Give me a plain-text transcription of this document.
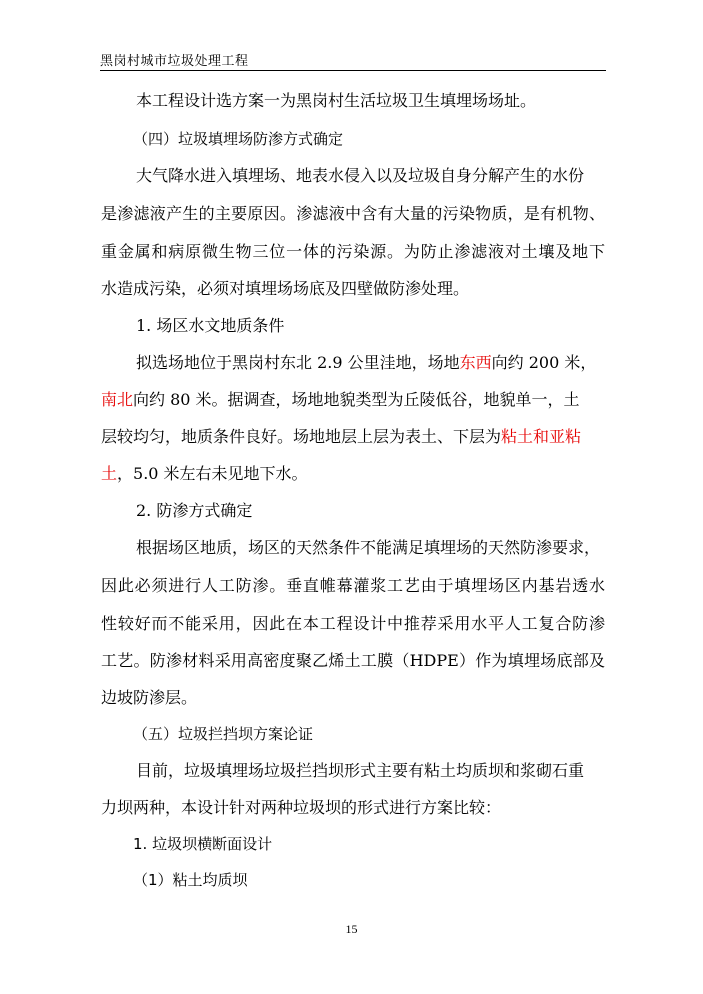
黑岗村城市垃圾处理工程
本工程设计选方案一为黑岗村生活垃圾卫生填埋场场址。
（四）垃圾填埋场防渗方式确定
大气降水进入填埋场、地表水侵入以及垃圾自身分解产生的水份
是渗滤液产生的主要原因。渗滤液中含有大量的污染物质，是有机物、
重金属和病原微生物三位一体的污染源。为防止渗滤液对土壤及地下
水造成污染，必须对填埋场场底及四壁做防渗处理。
1. 场区水文地质条件
拟选场地位于黑岗村东北 2.9 公里洼地，场地东西向约 200 米，
南北向约 80 米。据调查，场地地貌类型为丘陵低谷，地貌单一，土
层较均匀，地质条件良好。场地地层上层为表土、下层为粘土和亚粘
土，5.0 米左右未见地下水。
2. 防渗方式确定
根据场区地质，场区的天然条件不能满足填埋场的天然防渗要求，
因此必须进行人工防渗。垂直帷幕灌浆工艺由于填埋场区内基岩透水
性较好而不能采用，因此在本工程设计中推荐采用水平人工复合防渗
工艺。防渗材料采用高密度聚乙烯土工膜（HDPE）作为填埋场底部及
边坡防渗层。
（五）垃圾拦挡坝方案论证
目前，垃圾填埋场垃圾拦挡坝形式主要有粘土均质坝和浆砌石重
力坝两种，本设计针对两种垃圾坝的形式进行方案比较：
1. 垃圾坝横断面设计
（1）粘土均质坝
15
